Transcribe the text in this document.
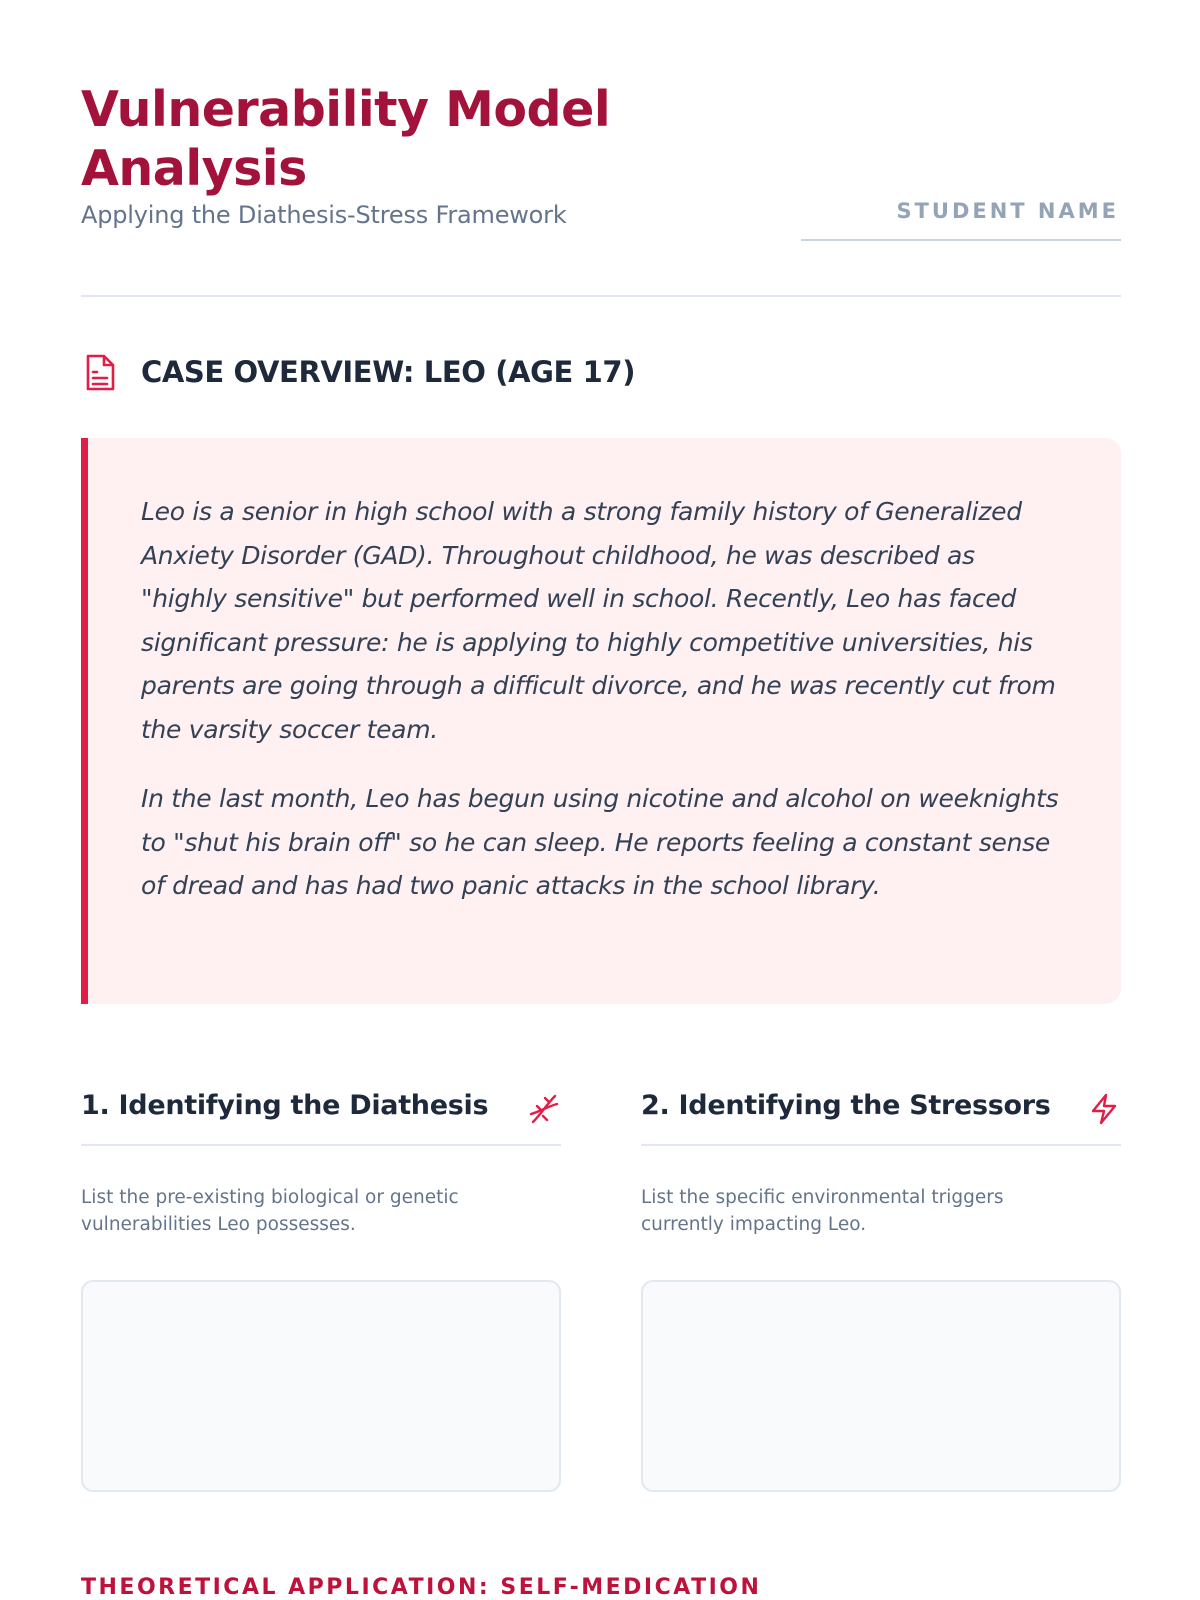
Vulnerability Model Analysis
Applying the Diathesis-Stress Framework	STUDENT NAME
CASE OVERVIEW: LEO (AGE 17)

Leo is a senior in high school with a strong family history of Generalized Anxiety Disorder (GAD). Throughout childhood, he was described as "highly sensitive" but performed well in school. Recently, Leo has faced significant pressure: he is applying to highly competitive universities, his parents are going through a difficult divorce, and he was recently cut from the varsity soccer team.

In the last month, Leo has begun using nicotine and alcohol on weeknights to "shut his brain off" so he can sleep. He reports feeling a constant sense of dread and has had two panic attacks in the school library.

1. Identifying the Diathesis

List the pre-existing biological or genetic vulnerabilities Leo possesses.

2. Identifying the Stressors

List the specific environmental triggers currently impacting Leo.

THEORETICAL APPLICATION: SELF-MEDICATION
